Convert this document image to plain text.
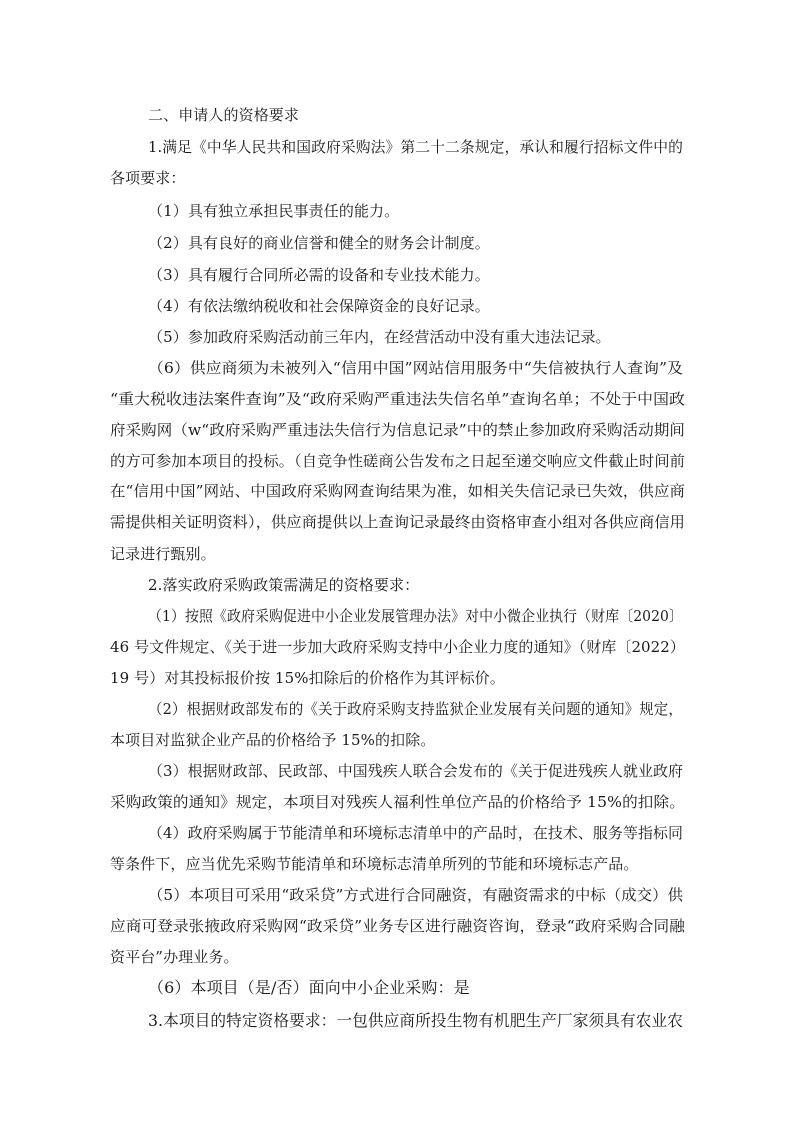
二、申请人的资格要求
1.满足《中华人民共和国政府采购法》第二十二条规定，承认和履行招标文件中的
各项要求：
（1）具有独立承担民事责任的能力。
（2）具有良好的商业信誉和健全的财务会计制度。
（3）具有履行合同所必需的设备和专业技术能力。
（4）有依法缴纳税收和社会保障资金的良好记录。
（5）参加政府采购活动前三年内，在经营活动中没有重大违法记录。
（6）供应商须为未被列入“信用中国”网站信用服务中“失信被执行人查询”及
“重大税收违法案件查询”及“政府采购严重违法失信名单”查询名单；不处于中国政
府采购网（w“政府采购严重违法失信行为信息记录”中的禁止参加政府采购活动期间
的方可参加本项目的投标。（自竞争性磋商公告发布之日起至递交响应文件截止时间前
在“信用中国”网站、中国政府采购网查询结果为准，如相关失信记录已失效，供应商
需提供相关证明资料），供应商提供以上查询记录最终由资格审查小组对各供应商信用
记录进行甄别。
2.落实政府采购政策需满足的资格要求：
（1）按照《政府采购促进中小企业发展管理办法》对中小微企业执行（财库〔2020〕
46 号文件规定、《关于进一步加大政府采购支持中小企业力度的通知》（财库〔2022）
19 号）对其投标报价按 15%扣除后的价格作为其评标价。
（2）根据财政部发布的《关于政府采购支持监狱企业发展有关问题的通知》规定，
本项目对监狱企业产品的价格给予 15%的扣除。
（3）根据财政部、民政部、中国残疾人联合会发布的《关于促进残疾人就业政府
采购政策的通知》规定，本项目对残疾人福利性单位产品的价格给予 15%的扣除。
（4）政府采购属于节能清单和环境标志清单中的产品时，在技术、服务等指标同
等条件下，应当优先采购节能清单和环境标志清单所列的节能和环境标志产品。
（5）本项目可采用“政采贷”方式进行合同融资，有融资需求的中标（成交）供
应商可登录张掖政府采购网“政采贷”业务专区进行融资咨询，登录“政府采购合同融
资平台”办理业务。
（6）本项目（是/否）面向中小企业采购：是
3.本项目的特定资格要求：一包供应商所投生物有机肥生产厂家须具有农业农
